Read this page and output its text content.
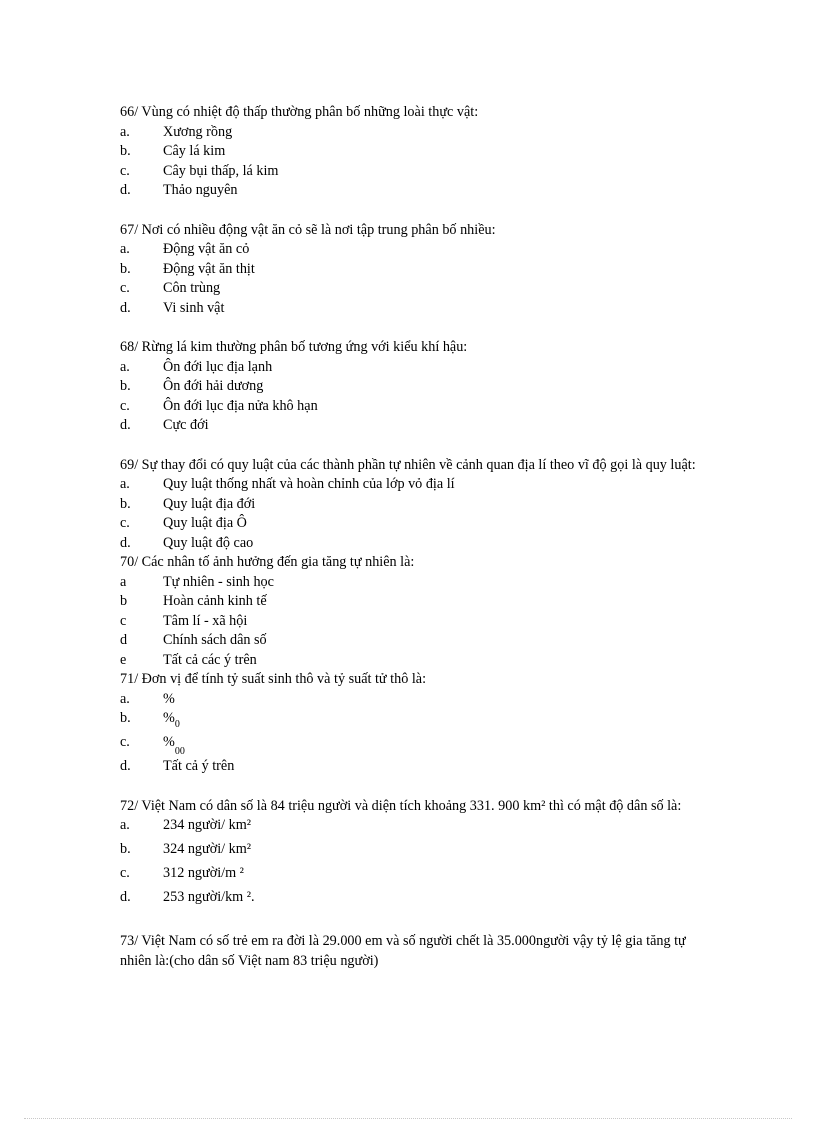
66/ Vùng có nhiệt độ thấp thường phân bố những loài thực vật:
a.	Xương rồng
b.	Cây lá kim
c.	Cây bụi thấp, lá kim
d.	Thảo nguyên
67/ Nơi có nhiều động vật ăn cỏ sẽ là nơi tập trung phân bố nhiều:
a.	Động vật ăn cỏ
b.	Động vật ăn thịt
c.	Côn trùng
d.	Vi sinh vật
68/ Rừng lá kim thường phân bố tương ứng với kiểu khí hậu:
a.	Ôn đới lục địa lạnh
b.	Ôn đới hải dương
c.	Ôn đới lục địa nửa khô hạn
d.	Cực đới
69/ Sự thay đổi có quy luật của các thành phần tự nhiên về cảnh quan địa lí theo vĩ độ gọi là quy luật:
a.	Quy luật thống nhất và hoàn chỉnh của lớp vỏ địa lí
b.	Quy luật địa đới
c.	Quy luật địa Ô
d.	Quy luật độ cao
70/ Các nhân tố ảnh hưởng đến gia tăng tự nhiên là:
a	Tự nhiên - sinh học
b	Hoàn cảnh kinh tế
c	Tâm lí - xã hội
d	Chính sách dân số
e	Tất cả các ý trên
71/ Đơn vị để tính tỷ suất sinh thô và tỷ suất tử thô là:
a.	%
b.	$\%_0$
c.	$\%_{00}$
d.	Tất cả ý trên
72/ Việt Nam có dân số là 84 triệu người và diện tích khoảng 331. 900 km² thì có mật độ dân số là:
a.	234 người/ km²
b.	324 người/ km²
c.	312 người/m ²
d.	253 người/km ².
73/ Việt Nam có số trẻ em ra đời là 29.000 em và số người chết là 35.000người vậy tỷ lệ gia tăng tự nhiên là:(cho dân số Việt nam 83 triệu người)
